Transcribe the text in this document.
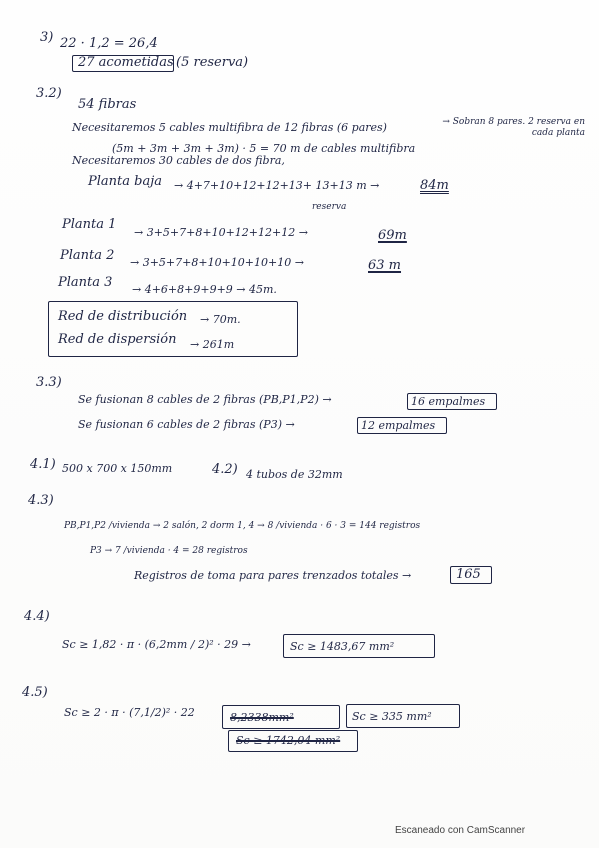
3) 22 · 1,2 = 26,4
27 acometidas (5 reserva)
3.2)
54 fibras
Necesitaremos 5 cables multifibra de 12 fibras (6 pares)	→ Sobran 8 pares. 2 reserva en cada planta
(5m + 3m + 3m + 3m) · 5 = 70 m de cables multifibra
Necesitaremos 30 cables de dos fibra,
Planta baja → 4+7+10+12+12+13+ 13+13 m →	84m
reserva
Planta 1
→ 3+5+7+8+10+12+12+12 →	69m
Planta 2 → 3+5+7+8+10+10+10+10 →	63 m
Planta 3 → 4+6+8+9+9+9 → 45m.
Red de distribución → 70m.
Red de dispersión → 261m
3.3)
Se fusionan 8 cables de 2 fibras (PB,P1,P2) →	16 empalmes
Se fusionan 6 cables de 2 fibras (P3) →	12 empalmes
4.1) 500 x 700 x 150mm	4.2) 4 tubos de 32mm
4.3)
PB,P1,P2 /vivienda → 2 salón, 2 dorm 1, 4 → 8 /vivienda · 6 · 3 = 144 registros
P3 → 7 /vivienda · 4 = 28 registros
Registros de toma para pares trenzados totales →	165
4.4)
Sc ≥ 1,82 · π · (6,2mm / 2)² · 29 →	Sc ≥ 1483,67 mm²
4.5)
Sc ≥ 2 · π · (7,1/2)² · 22	8,2338mm²	Sc ≥ 335 mm²
Sc ≥ 1742,04 mm²
Escaneado con CamScanner
